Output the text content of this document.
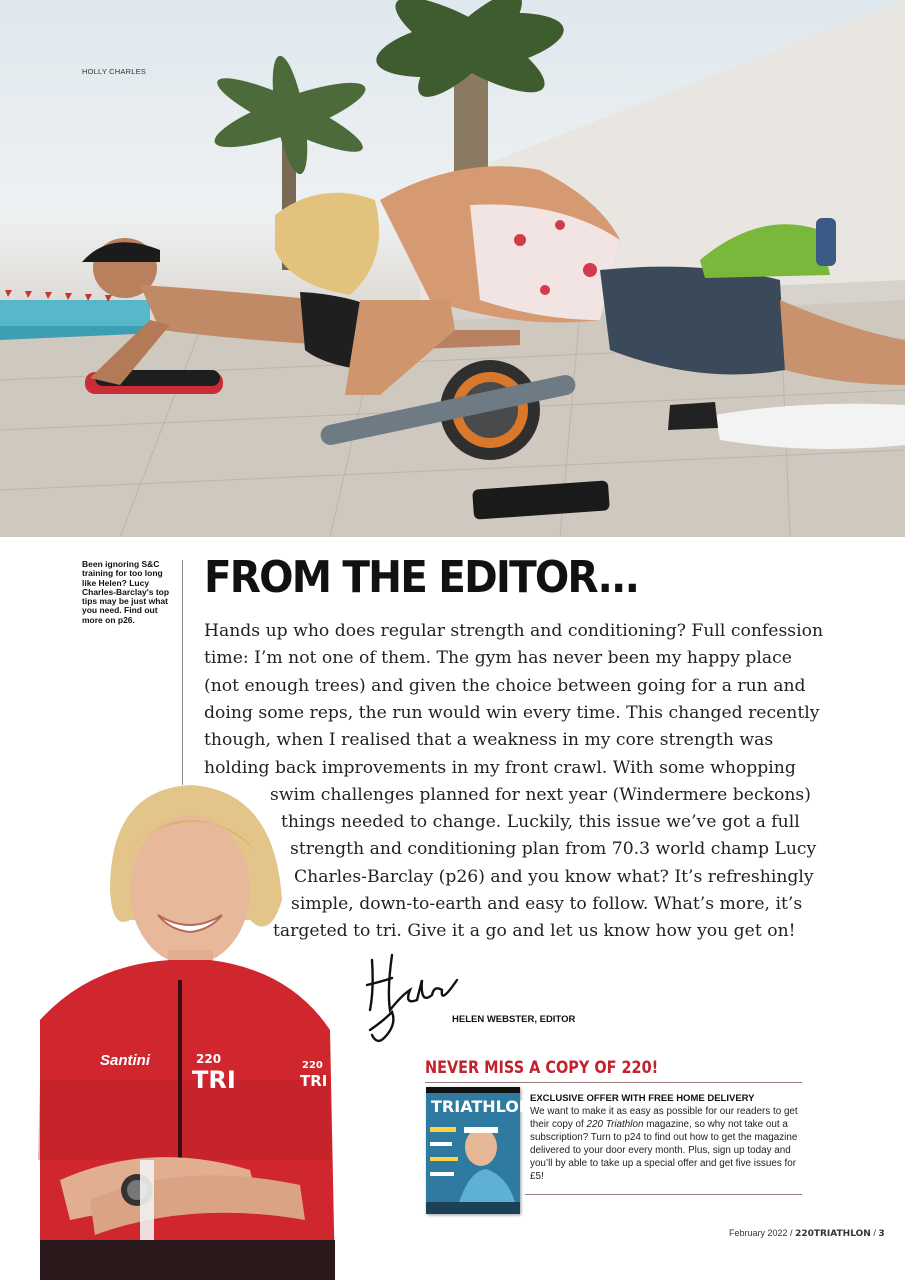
HOLLY CHARLES
Been ignoring S&C training for too long like Helen? Lucy Charles-Barclay's top tips may be just what you need. Find out more on p26.
FROM THE EDITOR...
Santini	220
TRI
220
TRI
Hands up who does regular strength and conditioning? Full confession
time: I’m not one of them. The gym has never been my happy place
(not enough trees) and given the choice between going for a run and
doing some reps, the run would win every time. This changed recently
though, when I realised that a weakness in my core strength was
holding back improvements in my front crawl. With some whopping
swim challenges planned for next year (Windermere beckons)
things needed to change. Luckily, this issue we’ve got a full
strength and conditioning plan from 70.3 world champ Lucy
Charles-Barclay (p26) and you know what? It’s refreshingly
simple, down-to-earth and easy to follow. What’s more, it’s
targeted to tri. Give it a go and let us know how you get on!
HELEN WEBSTER, EDITOR
NEVER MISS A COPY OF 220!
TRIATHLON
EXCLUSIVE OFFER WITH FREE HOME DELIVERY
We want to make it as easy as possible for our readers to get their copy of 220 Triathlon magazine, so why not take out a subscription? Turn to p24 to find out how to get the magazine delivered to your door every month. Plus, sign up today and you’ll by able to take up a special offer and get five issues for £5!
February 2022 / 220TRIATHLON / 3
